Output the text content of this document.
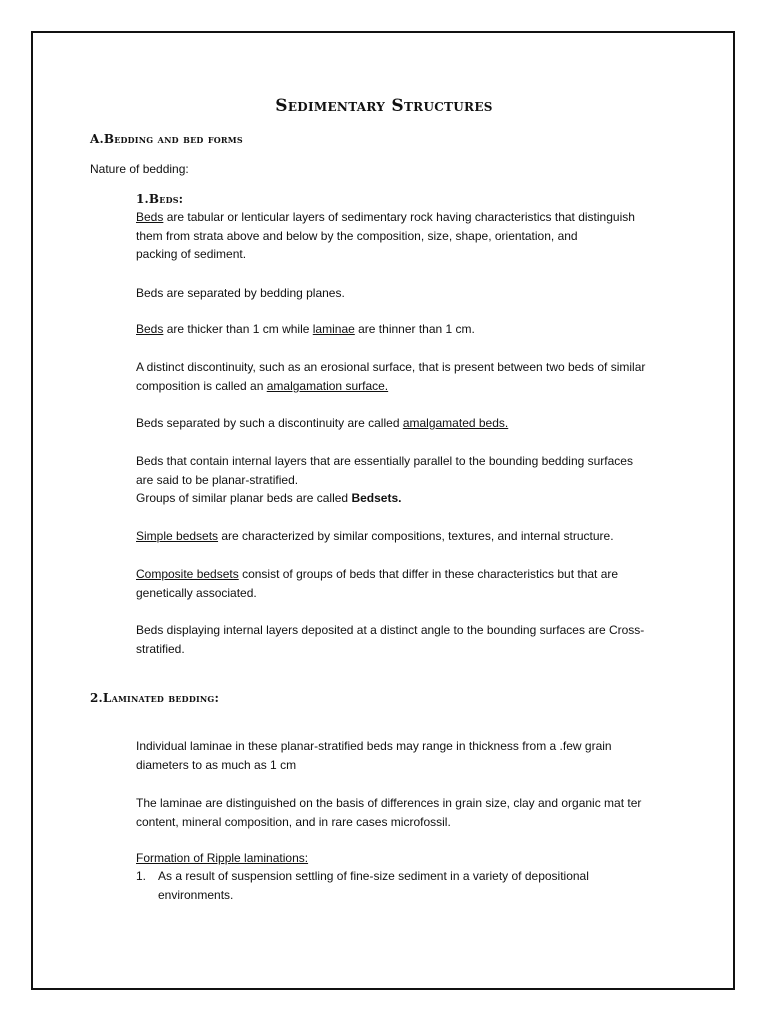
Sedimentary Structures
A.Bedding and bed forms
Nature of bedding:
1.Beds:
Beds are tabular or lenticular layers of sedimentary rock having characteristics that distinguish
them from strata above and below by the composition, size, shape, orientation, and
packing of sediment.
Beds are separated by bedding planes.
Beds are thicker than 1 cm while laminae are thinner than 1 cm.
A distinct discontinuity, such as an erosional surface, that is present between two beds of similar
composition is called an amalgamation surface.
Beds separated by such a discontinuity are called amalgamated beds.
Beds that contain internal layers that are essentially parallel to the bounding bedding surfaces
are said to be planar-stratified.
Groups of similar planar beds are called Bedsets.
Simple bedsets are characterized by similar compositions, textures, and internal structure.
Composite bedsets consist of groups of beds that differ in these characteristics but that are
genetically associated.
Beds displaying internal layers deposited at a distinct angle to the bounding surfaces are Cross-
stratified.
2.Laminated bedding:
Individual laminae in these planar-stratified beds may range in thickness from a .few grain
diameters to as much as 1 cm
The laminae are distinguished on the basis of differences in grain size, clay and organic mat ter
content, mineral composition, and in rare cases microfossil.
Formation of Ripple laminations:
1. As a result of suspension settling of fine-size sediment in a variety of depositional
environments.
